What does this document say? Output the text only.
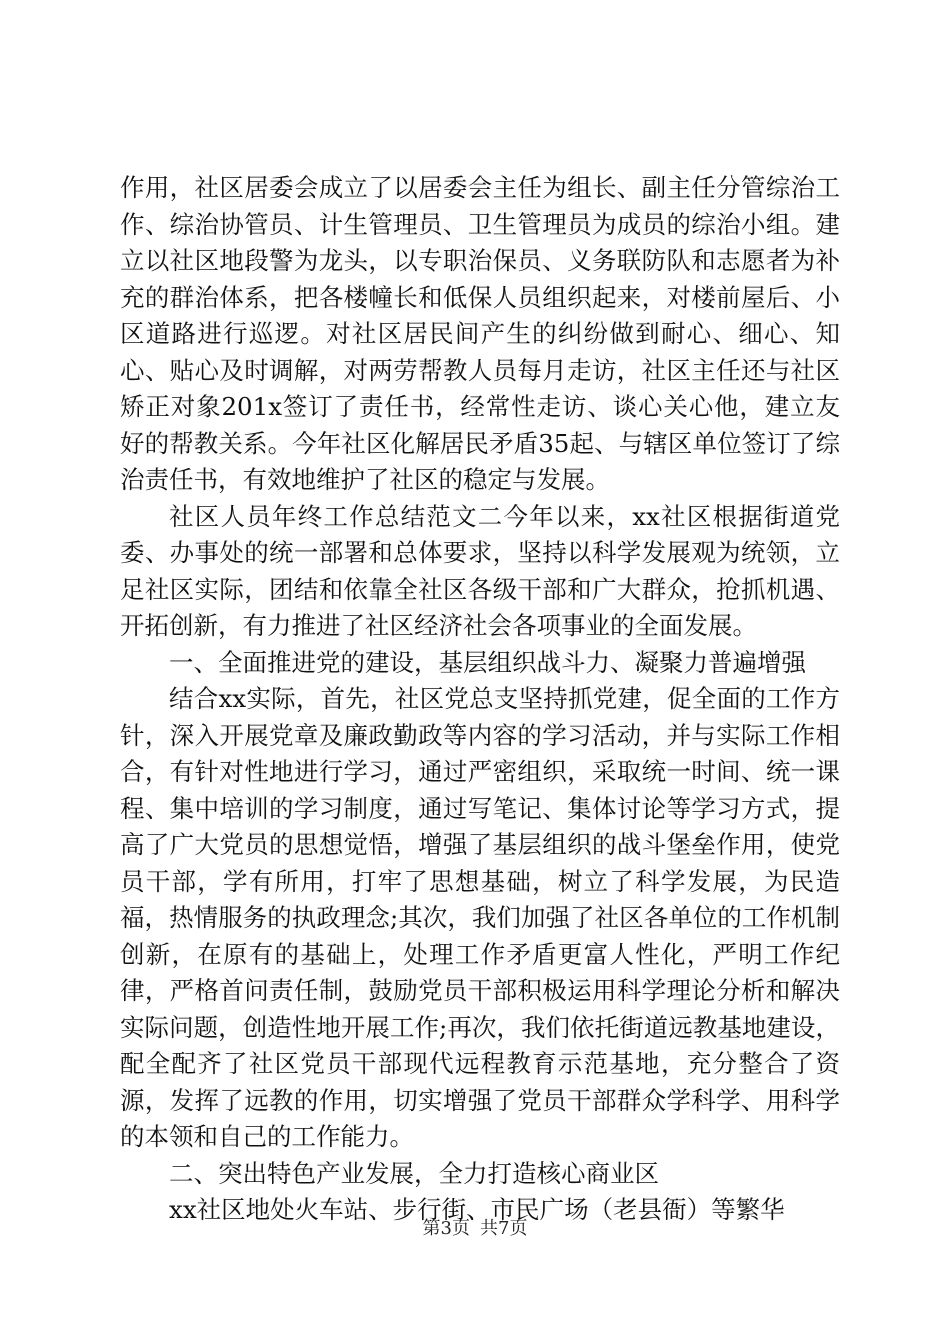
作用，社区居委会成立了以居委会主任为组长、副主任分管综治工作、综治协管员、计生管理员、卫生管理员为成员的综治小组。建立以社区地段警为龙头，以专职治保员、义务联防队和志愿者为补充的群治体系，把各楼幢长和低保人员组织起来，对楼前屋后、小区道路进行巡逻。对社区居民间产生的纠纷做到耐心、细心、知心、贴心及时调解，对两劳帮教人员每月走访，社区主任还与社区矫正对象201x签订了责任书，经常性走访、谈心关心他，建立友好的帮教关系。今年社区化解居民矛盾35起、与辖区单位签订了综治责任书，有效地维护了社区的稳定与发展。

社区人员年终工作总结范文二今年以来，xx社区根据街道党委、办事处的统一部署和总体要求，坚持以科学发展观为统领，立足社区实际，团结和依靠全社区各级干部和广大群众，抢抓机遇、开拓创新，有力推进了社区经济社会各项事业的全面发展。

一、全面推进党的建设，基层组织战斗力、凝聚力普遍增强

结合xx实际，首先，社区党总支坚持抓党建，促全面的工作方针，深入开展党章及廉政勤政等内容的学习活动，并与实际工作相合，有针对性地进行学习，通过严密组织，采取统一时间、统一课程、集中培训的学习制度，通过写笔记、集体讨论等学习方式，提高了广大党员的思想觉悟，增强了基层组织的战斗堡垒作用，使党员干部，学有所用，打牢了思想基础，树立了科学发展，为民造福，热情服务的执政理念;其次，我们加强了社区各单位的工作机制创新，在原有的基础上，处理工作矛盾更富人性化，严明工作纪律，严格首问责任制，鼓励党员干部积极运用科学理论分析和解决实际问题，创造性地开展工作;再次，我们依托街道远教基地建设，配全配齐了社区党员干部现代远程教育示范基地，充分整合了资源，发挥了远教的作用，切实增强了党员干部群众学科学、用科学的本领和自己的工作能力。

二、突出特色产业发展，全力打造核心商业区

xx社区地处火车站、步行街、市民广场（老县衙）等繁华

第3页 共7页
